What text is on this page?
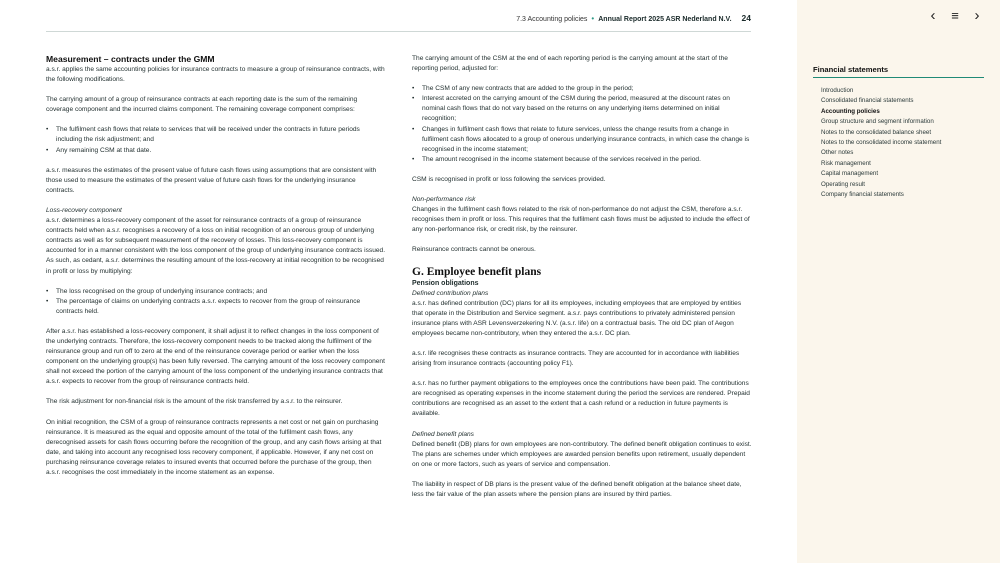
7.3 Accounting policies • Annual Report 2025 ASR Nederland N.V. 24
Measurement – contracts under the GMM

a.s.r. applies the same accounting policies for insurance contracts to measure a group of reinsurance contracts, with the following modifications.

The carrying amount of a group of reinsurance contracts at each reporting date is the sum of the remaining coverage component and the incurred claims component. The remaining coverage component comprises:

• The fulfilment cash flows that relate to services that will be received under the contracts in future periods including the risk adjustment; and
• Any remaining CSM at that date.

a.s.r. measures the estimates of the present value of future cash flows using assumptions that are consistent with those used to measure the estimates of the present value of future cash flows for the underlying insurance contracts.

Loss-recovery component

a.s.r. determines a loss-recovery component of the asset for reinsurance contracts of a group of reinsurance contracts held when a.s.r. recognises a recovery of a loss on initial recognition of an onerous group of underlying contracts as well as for subsequent measurement of the recovery of losses. This loss-recovery component is accounted for in a manner consistent with the loss component of the group of underlying insurance contracts issued. As such, as cedant, a.s.r. determines the resulting amount of the loss-recovery at initial recognition to be recognised in profit or loss by multiplying:

• The loss recognised on the group of underlying insurance contracts; and
• The percentage of claims on underlying contracts a.s.r. expects to recover from the group of reinsurance contracts held.

After a.s.r. has established a loss-recovery component, it shall adjust it to reflect changes in the loss component of the underlying contracts. Therefore, the loss-recovery component needs to be tracked along the fulfilment of the reinsurance group and run off to zero at the end of the reinsurance coverage period or earlier when the loss component on the underlying group(s) has been fully reversed. The carrying amount of the loss recovery component shall not exceed the portion of the carrying amount of the loss component of the underlying insurance contracts that a.s.r. expects to recover from the group of reinsurance contracts held.

The risk adjustment for non-financial risk is the amount of the risk transferred by a.s.r. to the reinsurer.

On initial recognition, the CSM of a group of reinsurance contracts represents a net cost or net gain on purchasing reinsurance. It is measured as the equal and opposite amount of the total of the fulfilment cash flows, any derecognised assets for cash flows occurring before the recognition of the group, and any cash flows arising at that date, and taking into account any recognised loss recovery component, if applicable. However, if any net cost on purchasing reinsurance coverage relates to insured events that occurred before the purchase of the group, then a.s.r. recognises the cost immediately in the income statement as an expense.

The carrying amount of the CSM at the end of each reporting period is the carrying amount at the start of the reporting period, adjusted for:

• The CSM of any new contracts that are added to the group in the period;
• Interest accreted on the carrying amount of the CSM during the period, measured at the discount rates on nominal cash flows that do not vary based on the returns on any underlying items determined on initial recognition;
• Changes in fulfilment cash flows that relate to future services, unless the change results from a change in fulfilment cash flows allocated to a group of onerous underlying insurance contracts, in which case the change is recognised in the income statement;
• The amount recognised in the income statement because of the services received in the period.

CSM is recognised in profit or loss following the services provided.

Non-performance risk

Changes in the fulfilment cash flows related to the risk of non-performance do not adjust the CSM, therefore a.s.r. recognises them in profit or loss. This requires that the fulfilment cash flows must be adjusted to include the effect of any non-performance risk, or credit risk, by the reinsurer.

Reinsurance contracts cannot be onerous.

G. Employee benefit plans
Pension obligations
Defined contribution plans

a.s.r. has defined contribution (DC) plans for all its employees, including employees that are employed by entities that operate in the Distribution and Service segment. a.s.r. pays contributions to privately administered pension insurance plans with ASR Levensverzekering N.V. (a.s.r. life) on a contractual basis. The old DC plan of Aegon employees became non-contributory, when they entered the a.s.r. DC plan.

a.s.r. life recognises these contracts as insurance contracts. They are accounted for in accordance with liabilities arising from insurance contracts (accounting policy F1).

a.s.r. has no further payment obligations to the employees once the contributions have been paid. The contributions are recognised as operating expenses in the income statement during the period the services are rendered. Prepaid contributions are recognised as an asset to the extent that a cash refund or a reduction in future payments is available.

Defined benefit plans

Defined benefit (DB) plans for own employees are non-contributory. The defined benefit obligation continues to exist. The plans are schemes under which employees are awarded pension benefits upon retirement, usually dependent on one or more factors, such as years of service and compensation.

The liability in respect of DB plans is the present value of the defined benefit obligation at the balance sheet date, less the fair value of the plan assets where the pension plans are insured by third parties.

‹	≡	›
Financial statements
Introduction
Consolidated financial statements
Accounting policies
Group structure and segment information
Notes to the consolidated balance sheet
Notes to the consolidated income statement
Other notes
Risk management
Capital management
Operating result
Company financial statements
